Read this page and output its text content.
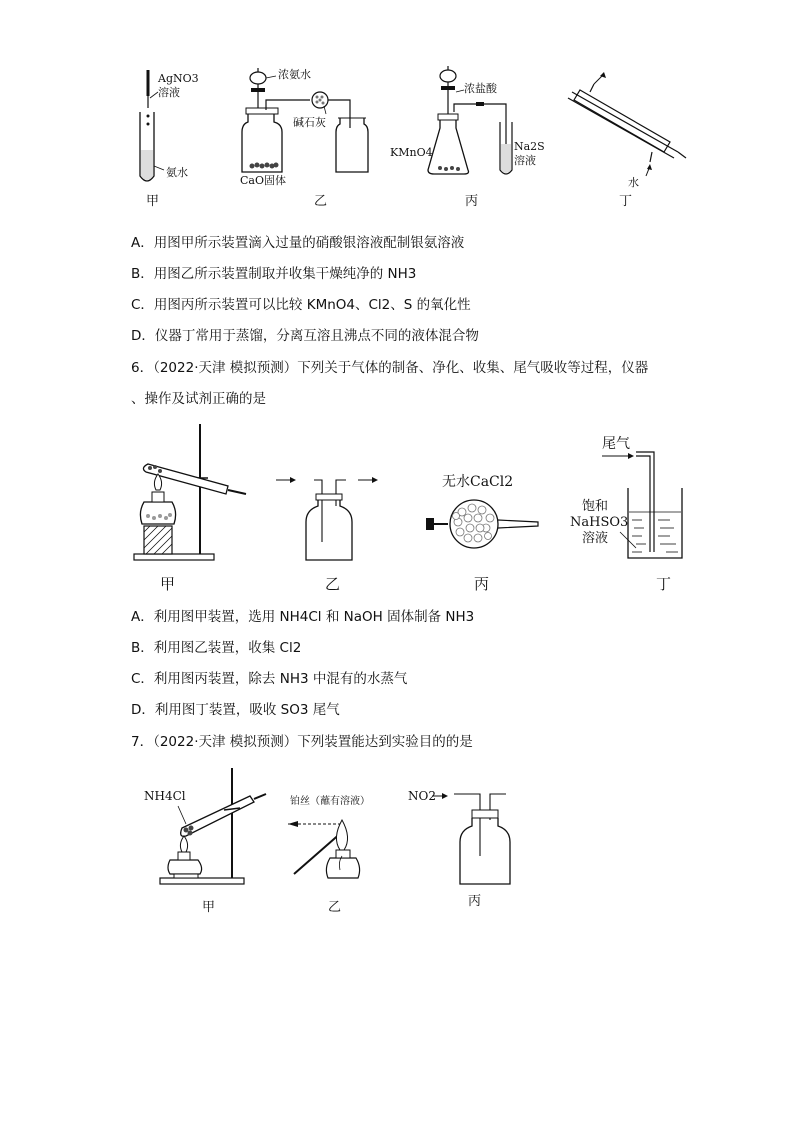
AgNO3
溶液
氨水
浓氨水
碱石灰
CaO固体
浓盐酸
KMnO4	Na2S
溶液
水
甲	乙	丙	丁
A．用图甲所示装置滴入过量的硝酸银溶液配制银氨溶液
B．用图乙所示装置制取并收集干燥纯净的 NH3
C．用图丙所示装置可以比较 KMnO4、Cl2、S 的氧化性
D．仪器丁常用于蒸馏，分离互溶且沸点不同的液体混合物
6．（2022·天津 模拟预测）下列关于气体的制备、净化、收集、尾气吸收等过程，仪器
、操作及试剂正确的是
无水CaCl2
尾气
饱和
NaHSO3
溶液
甲	乙	丙	丁
A．利用图甲装置，选用 NH4Cl 和 NaOH 固体制备 NH3
B．利用图乙装置，收集 Cl2
C．利用图丙装置，除去 NH3 中混有的水蒸气
D．利用图丁装置，吸收 SO3 尾气
7．（2022·天津 模拟预测）下列装置能达到实验目的的是
NH4Cl	铂丝（蘸有溶液）	NO2
甲	乙	丙
